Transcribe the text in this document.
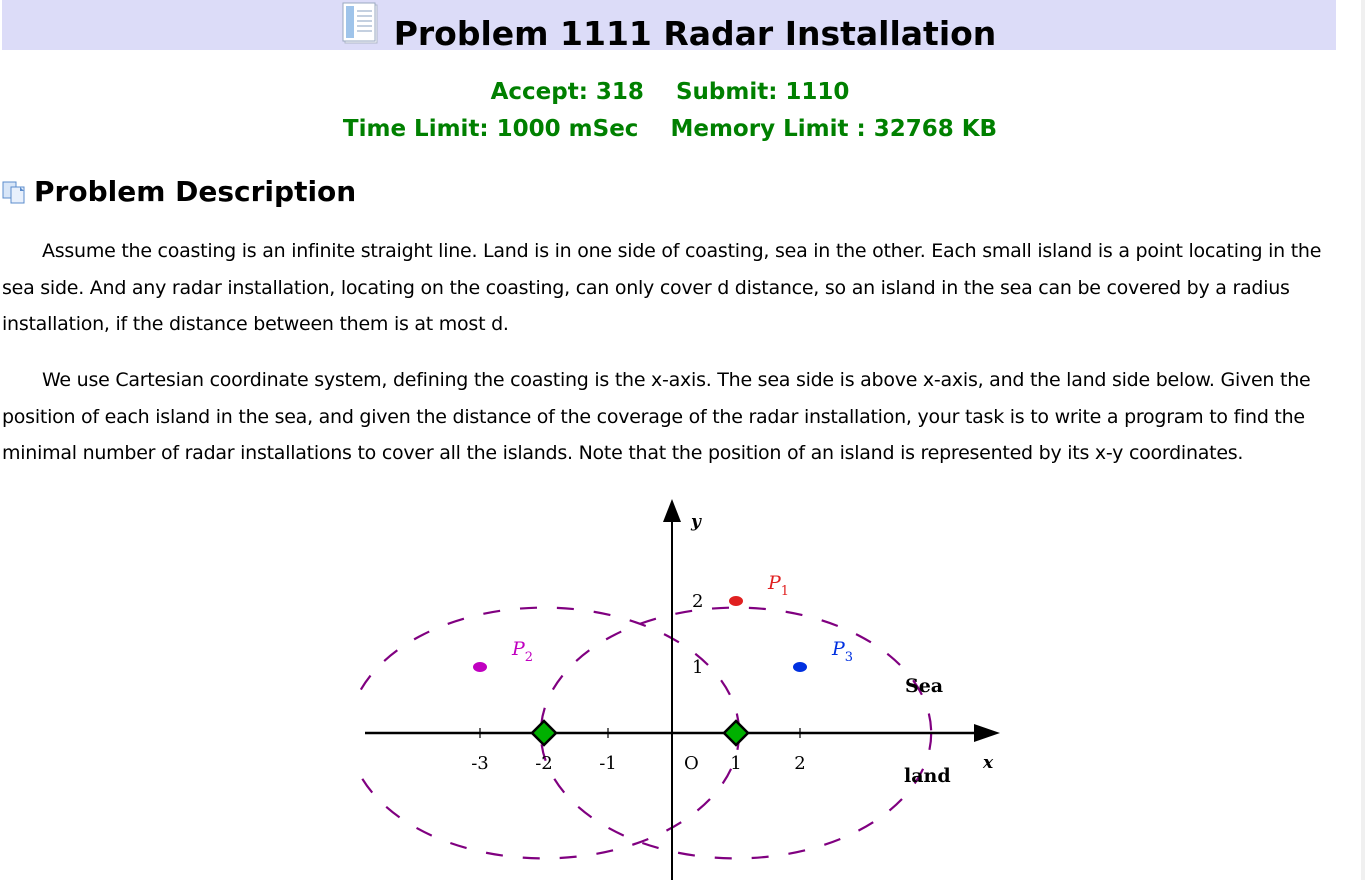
Problem 1111 Radar Installation
Accept: 318 Submit: 1110
Time Limit: 1000 mSec Memory Limit : 32768 KB
Problem Description

Assume the coasting is an infinite straight line. Land is in one side of coasting, sea in the other. Each small island is a point locating in the sea side. And any radar installation, locating on the coasting, can only cover d distance, so an island in the sea can be covered by a radius installation, if the distance between them is at most d.

We use Cartesian coordinate system, defining the coasting is the x-axis. The sea side is above x-axis, and the land side below. Given the position of each island in the sea, and given the distance of the coverage of the radar installation, your task is to write a program to find the minimal number of radar installations to cover all the islands. Note that the position of an island is represented by its x-y coordinates.

-3	-2	-1	1	2
1
2
$P_1$
$P_2$	$P_3$
x
y
O
Sea
land
